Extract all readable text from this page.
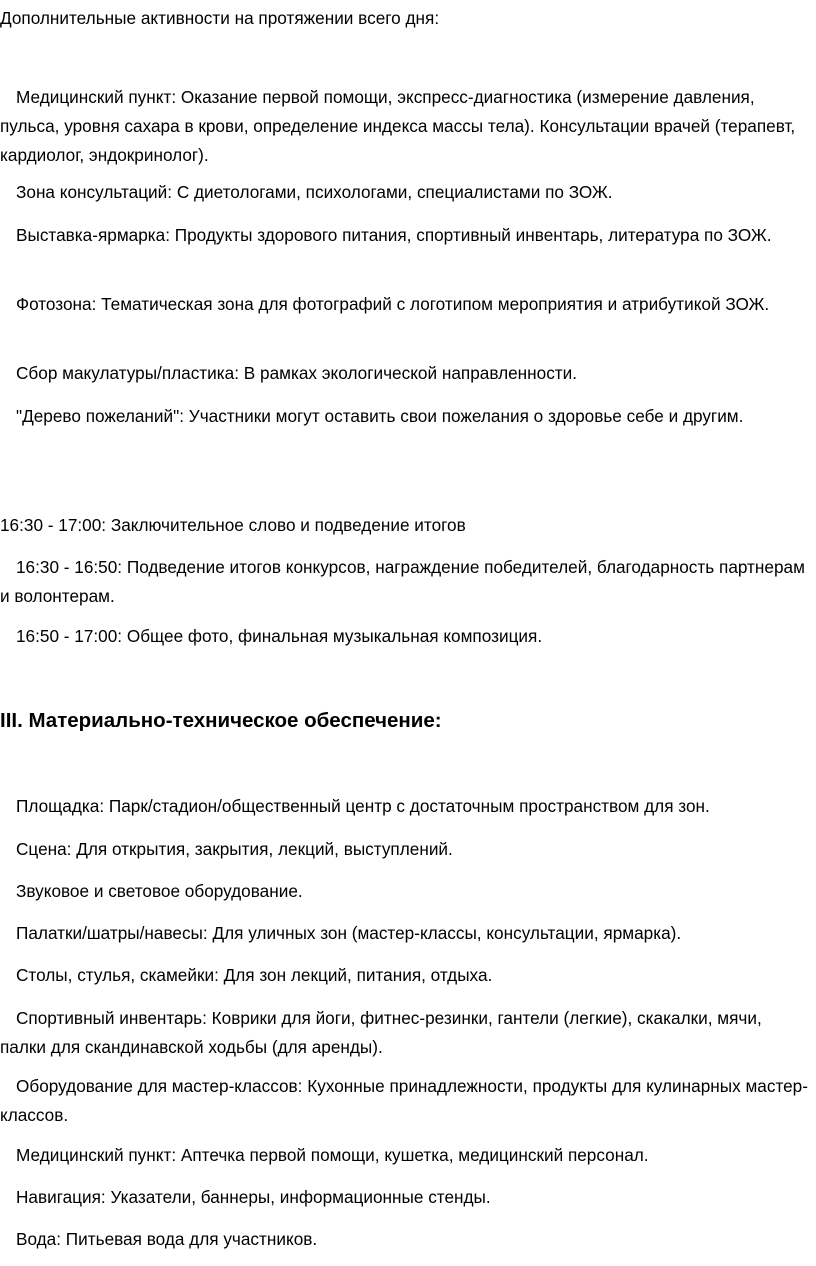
Дополнительные активности на протяжении всего дня:

Медицинский пункт: Оказание первой помощи, экспресс-диагностика (измерение давления, пульса, уровня сахара в крови, определение индекса массы тела). Консультации врачей (терапевт, кардиолог, эндокринолог).

Зона консультаций: С диетологами, психологами, специалистами по ЗОЖ.

Выставка-ярмарка: Продукты здорового питания, спортивный инвентарь, литература по ЗОЖ.

Фотозона: Тематическая зона для фотографий с логотипом мероприятия и атрибутикой ЗОЖ.

Сбор макулатуры/пластика: В рамках экологической направленности.

"Дерево пожеланий": Участники могут оставить свои пожелания о здоровье себе и другим.

16:30 - 17:00: Заключительное слово и подведение итогов

16:30 - 16:50: Подведение итогов конкурсов, награждение победителей, благодарность партнерам и волонтерам.

16:50 - 17:00: Общее фото, финальная музыкальная композиция.

III. Материально-техническое обеспечение:

Площадка: Парк/стадион/общественный центр с достаточным пространством для зон.

Сцена: Для открытия, закрытия, лекций, выступлений.

Звуковое и световое оборудование.

Палатки/шатры/навесы: Для уличных зон (мастер-классы, консультации, ярмарка).

Столы, стулья, скамейки: Для зон лекций, питания, отдыха.

Спортивный инвентарь: Коврики для йоги, фитнес-резинки, гантели (легкие), скакалки, мячи, палки для скандинавской ходьбы (для аренды).

Оборудование для мастер-классов: Кухонные принадлежности, продукты для кулинарных мастер-классов.

Медицинский пункт: Аптечка первой помощи, кушетка, медицинский персонал.

Навигация: Указатели, баннеры, информационные стенды.

Вода: Питьевая вода для участников.
